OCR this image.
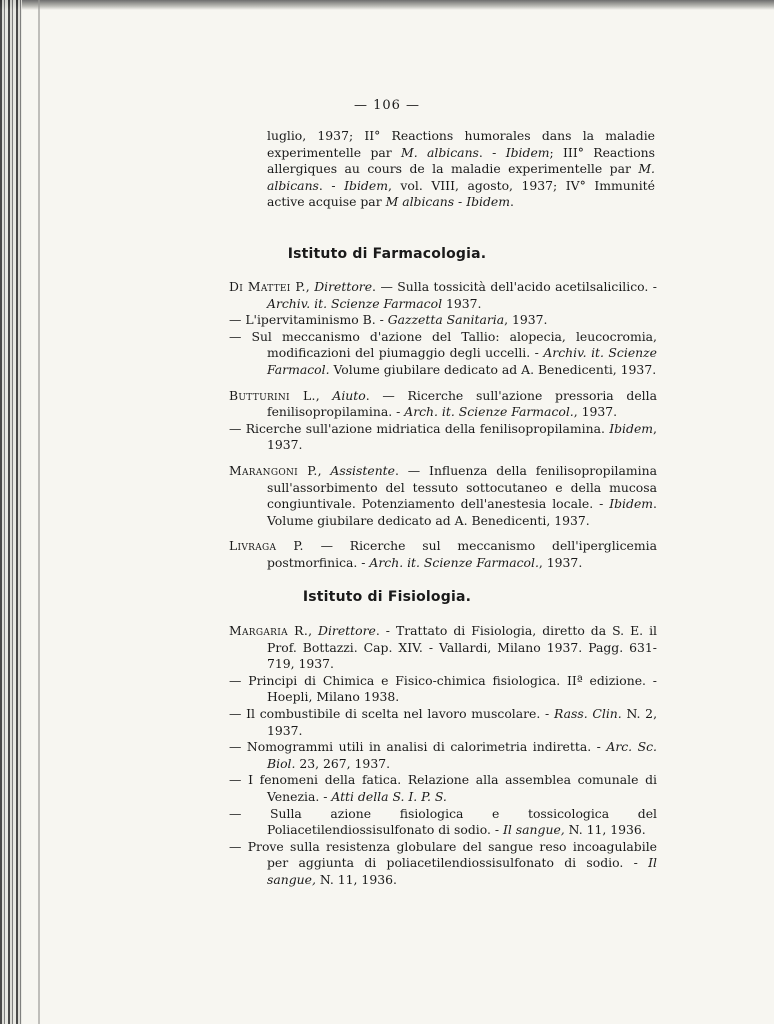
— 106 —
luglio, 1937; II° Reactions humorales dans la maladie experimentelle par M. albicans. - Ibidem; III° Reactions allergiques au cours de la maladie experimentelle par M. albicans. - Ibidem, vol. VIII, agosto, 1937; IV° Immunité active acquise par M albicans - Ibidem.
Istituto di Farmacologia.
Di Mattei P., Direttore. — Sulla tossicità dell'acido acetilsalicilico. - Archiv. it. Scienze Farmacol 1937.
— L'ipervitaminismo B. - Gazzetta Sanitaria, 1937.
— Sul meccanismo d'azione del Tallio: alopecia, leucocromia, modificazioni del piumaggio degli uccelli. - Archiv. it. Scienze Farmacol. Volume giubilare dedicato ad A. Benedicenti, 1937.
Butturini L., Aiuto. — Ricerche sull'azione pressoria della fenilisopropilamina. - Arch. it. Scienze Farmacol., 1937.
— Ricerche sull'azione midriatica della fenilisopropilamina. Ibidem, 1937.
Marangoni P., Assistente. — Influenza della fenilisopropilamina sull'assorbimento del tessuto sottocutaneo e della mucosa congiuntivale. Potenziamento dell'anestesia locale. - Ibidem. Volume giubilare dedicato ad A. Benedicenti, 1937.
Livraga P. — Ricerche sul meccanismo dell'iperglicemia postmorfinica. - Arch. it. Scienze Farmacol., 1937.
Istituto di Fisiologia.
Margaria R., Direttore. - Trattato di Fisiologia, diretto da S. E. il Prof. Bottazzi. Cap. XIV. - Vallardi, Milano 1937. Pagg. 631-719, 1937.
— Principi di Chimica e Fisico-chimica fisiologica. IIª edizione. - Hoepli, Milano 1938.
— Il combustibile di scelta nel lavoro muscolare. - Rass. Clin. N. 2, 1937.
— Nomogrammi utili in analisi di calorimetria indiretta. - Arc. Sc. Biol. 23, 267, 1937.
— I fenomeni della fatica. Relazione alla assemblea comunale di Venezia. - Atti della S. I. P. S.
— Sulla azione fisiologica e tossicologica del Poliacetilendiossisulfonato di sodio. - Il sangue, N. 11, 1936.
— Prove sulla resistenza globulare del sangue reso incoagulabile per aggiunta di poliacetilendiossisulfonato di sodio. - Il sangue, N. 11, 1936.
